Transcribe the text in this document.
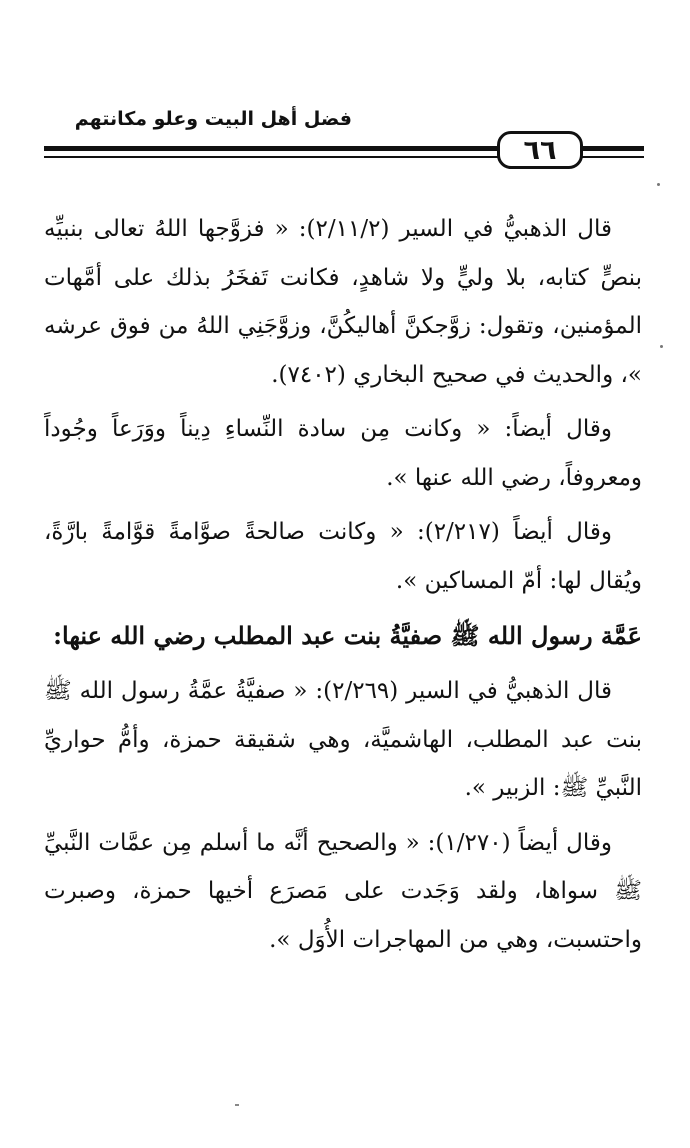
فضل أهل البيت وعلو مكانتهم
٦٦

قال الذهبيُّ في السير (٢/١١/٢): « فزوَّجها اللهُ تعالى بنبيِّه بنصٍّ كتابه، بلا وليٍّ ولا شاهدٍ، فكانت تَفخَرُ بذلك على أمَّهات المؤمنين، وتقول: زوَّجكنَّ أهاليكُنَّ، وزوَّجَنِي اللهُ من فوق عرشه »، والحديث في صحيح البخاري (٧٤٠٢).

وقال أيضاً: « وكانت مِن سادة النِّساءِ دِيناً ووَرَعاً وجُوداً ومعروفاً، رضي الله عنها ».

وقال أيضاً (٢/٢١٧): « وكانت صالحةً صوَّامةً قوَّامةً بارَّةً، ويُقال لها: أمّ المساكين ».

عَمَّة رسول الله ﷺ صفيَّةُ بنت عبد المطلب رضي الله عنها:

قال الذهبيُّ في السير (٢/٢٦٩): « صفيَّةُ عمَّةُ رسول الله ﷺ بنت عبد المطلب، الهاشميَّة، وهي شقيقة حمزة، وأمُّ حواريِّ النَّبيِّ ﷺ: الزبير ».

وقال أيضاً (١/٢٧٠): « والصحيح أنَّه ما أسلم مِن عمَّات النَّبيِّ ﷺ سواها، ولقد وَجَدت على مَصرَع أخيها حمزة، وصبرت واحتسبت، وهي من المهاجرات الأُوَل ».
